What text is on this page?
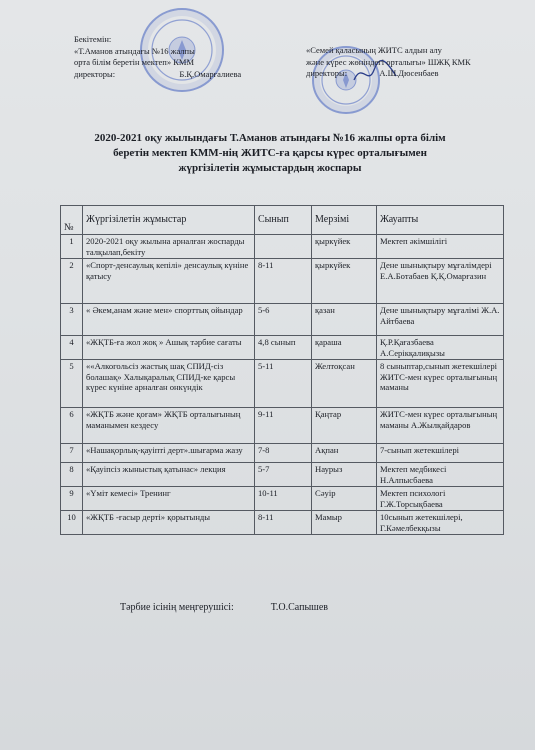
Бекітемін:
«Т.Аманов атындағы №16 жалпы
орта білім беретін мектеп» КММ
директоры:	Б.Қ.Омарғалиева
«Семей қаласының ЖИТС алдын алу
және күрес жөніндегі орталығы» ШЖҚ КМК
директоры:	А.Ш.Дюсенбаев
2020-2021 оқу жылындағы Т.Аманов атындағы №16 жалпы орта білім
беретін мектеп КММ-нің ЖИТС-ға қарсы күрес орталығымен
жүргізілетін жұмыстардың жоспары
№	Жүргізілетін жұмыстар	Сынып	Мерзімі	Жауапты
1	2020-2021 оқу жылына арналған жоспарды талқылап,бекіту		қыркүйек	Мектеп әкімшілігі
2	«Спорт-денсаулық кепілі» денсаулық күніне қатысу	8-11	қыркүйек	Дене шынықтыру мұғалімдері Е.А.Ботабаев Қ.Қ.Омарғазин
3	« Әкем,анам және мен» спорттық ойындар	5-6	қазан	Дене шынықтыру мұғалімі Ж.А. Айтбаева
4	«ЖҚТБ-ға жол жоқ » Ашық тәрбие сағаты	4,8 сынып	қараша	Қ.Р.Қағазбаева А.Серікқалиқызы
5	««Алкогольсіз жастық шақ СПИД-сіз болашақ» Халықаралық СПИД-ке қарсы күрес күніне арналған онкүндік	5-11	Желтоқсан	8 сыныптар,сынып жетекшілері ЖИТС-мен күрес орталығының маманы
6	«ЖҚТБ және қоғам» ЖҚТБ орталығының маманымен кездесу	9-11	Қаңтар	ЖИТС-мен күрес орталығының маманы А.Жылқайдаров
7	«Нашақорлық-қауіпті дерт».шығарма жазу	7-8	Ақпан	7-сынып жетекшілері
8	«Қауіпсіз жыныстық қатынас» лекция	5-7	Наурыз	Мектеп медбикесі Н.Алпысбаева
9	«Үміт кемесі» Тренинг	10-11	Сәуір	Мектеп психологі Г.Ж.Торсықбаева
10	«ЖҚТБ -ғасыр дерті» қорытынды	8-11	Мамыр	10сынып жетекшілері, Г.Кәмелбекқызы
Тәрбие ісінің меңгерушісі:	Т.О.Сапышев
